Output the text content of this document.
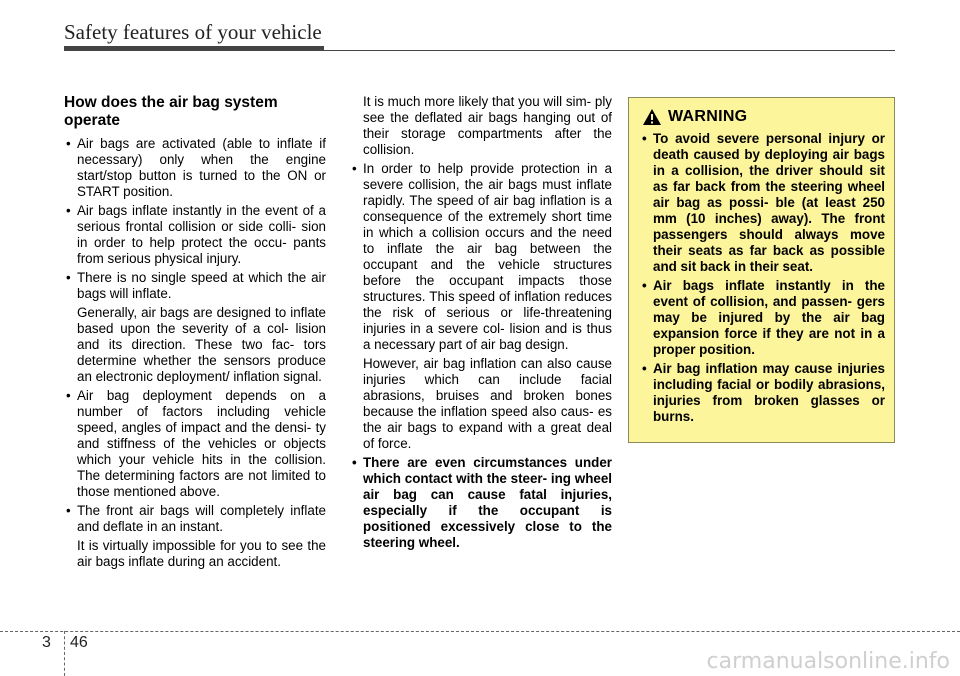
Safety features of your vehicle
How does the air bag system operate
• Air bags are activated (able to inflate if necessary) only when the engine start/stop button is turned to the ON or START position.
• Air bags inflate instantly in the event of a serious frontal collision or side colli- sion in order to help protect the occu- pants from serious physical injury.
• There is no single speed at which the air bags will inflate.

Generally, air bags are designed to inflate based upon the severity of a col- lision and its direction. These two fac- tors determine whether the sensors produce an electronic deployment/ inflation signal.

• Air bag deployment depends on a number of factors including vehicle speed, angles of impact and the densi- ty and stiffness of the vehicles or objects which your vehicle hits in the collision. The determining factors are not limited to those mentioned above.
• The front air bags will completely inflate and deflate in an instant.

It is virtually impossible for you to see the air bags inflate during an accident.

It is much more likely that you will sim- ply see the deflated air bags hanging out of their storage compartments after the collision.

• In order to help provide protection in a severe collision, the air bags must inflate rapidly. The speed of air bag inflation is a consequence of the extremely short time in which a collision occurs and the need to inflate the air bag between the occupant and the vehicle structures before the occupant impacts those structures. This speed of inflation reduces the risk of serious or life-threatening injuries in a severe col- lision and is thus a necessary part of air bag design.

However, air bag inflation can also cause injuries which can include facial abrasions, bruises and broken bones because the inflation speed also caus- es the air bags to expand with a great deal of force.

• There are even circumstances under which contact with the steer- ing wheel air bag can cause fatal injuries, especially if the occupant is positioned excessively close to the steering wheel.
WARNING
• To avoid severe personal injury or death caused by deploying air bags in a collision, the driver should sit as far back from the steering wheel air bag as possi- ble (at least 250 mm (10 inches) away). The front passengers should always move their seats as far back as possible and sit back in their seat.
• Air bags inflate instantly in the event of collision, and passen- gers may be injured by the air bag expansion force if they are not in a proper position.
• Air bag inflation may cause injuries including facial or bodily abrasions, injuries from broken glasses or burns.
3 46
carmanualsonline.info
